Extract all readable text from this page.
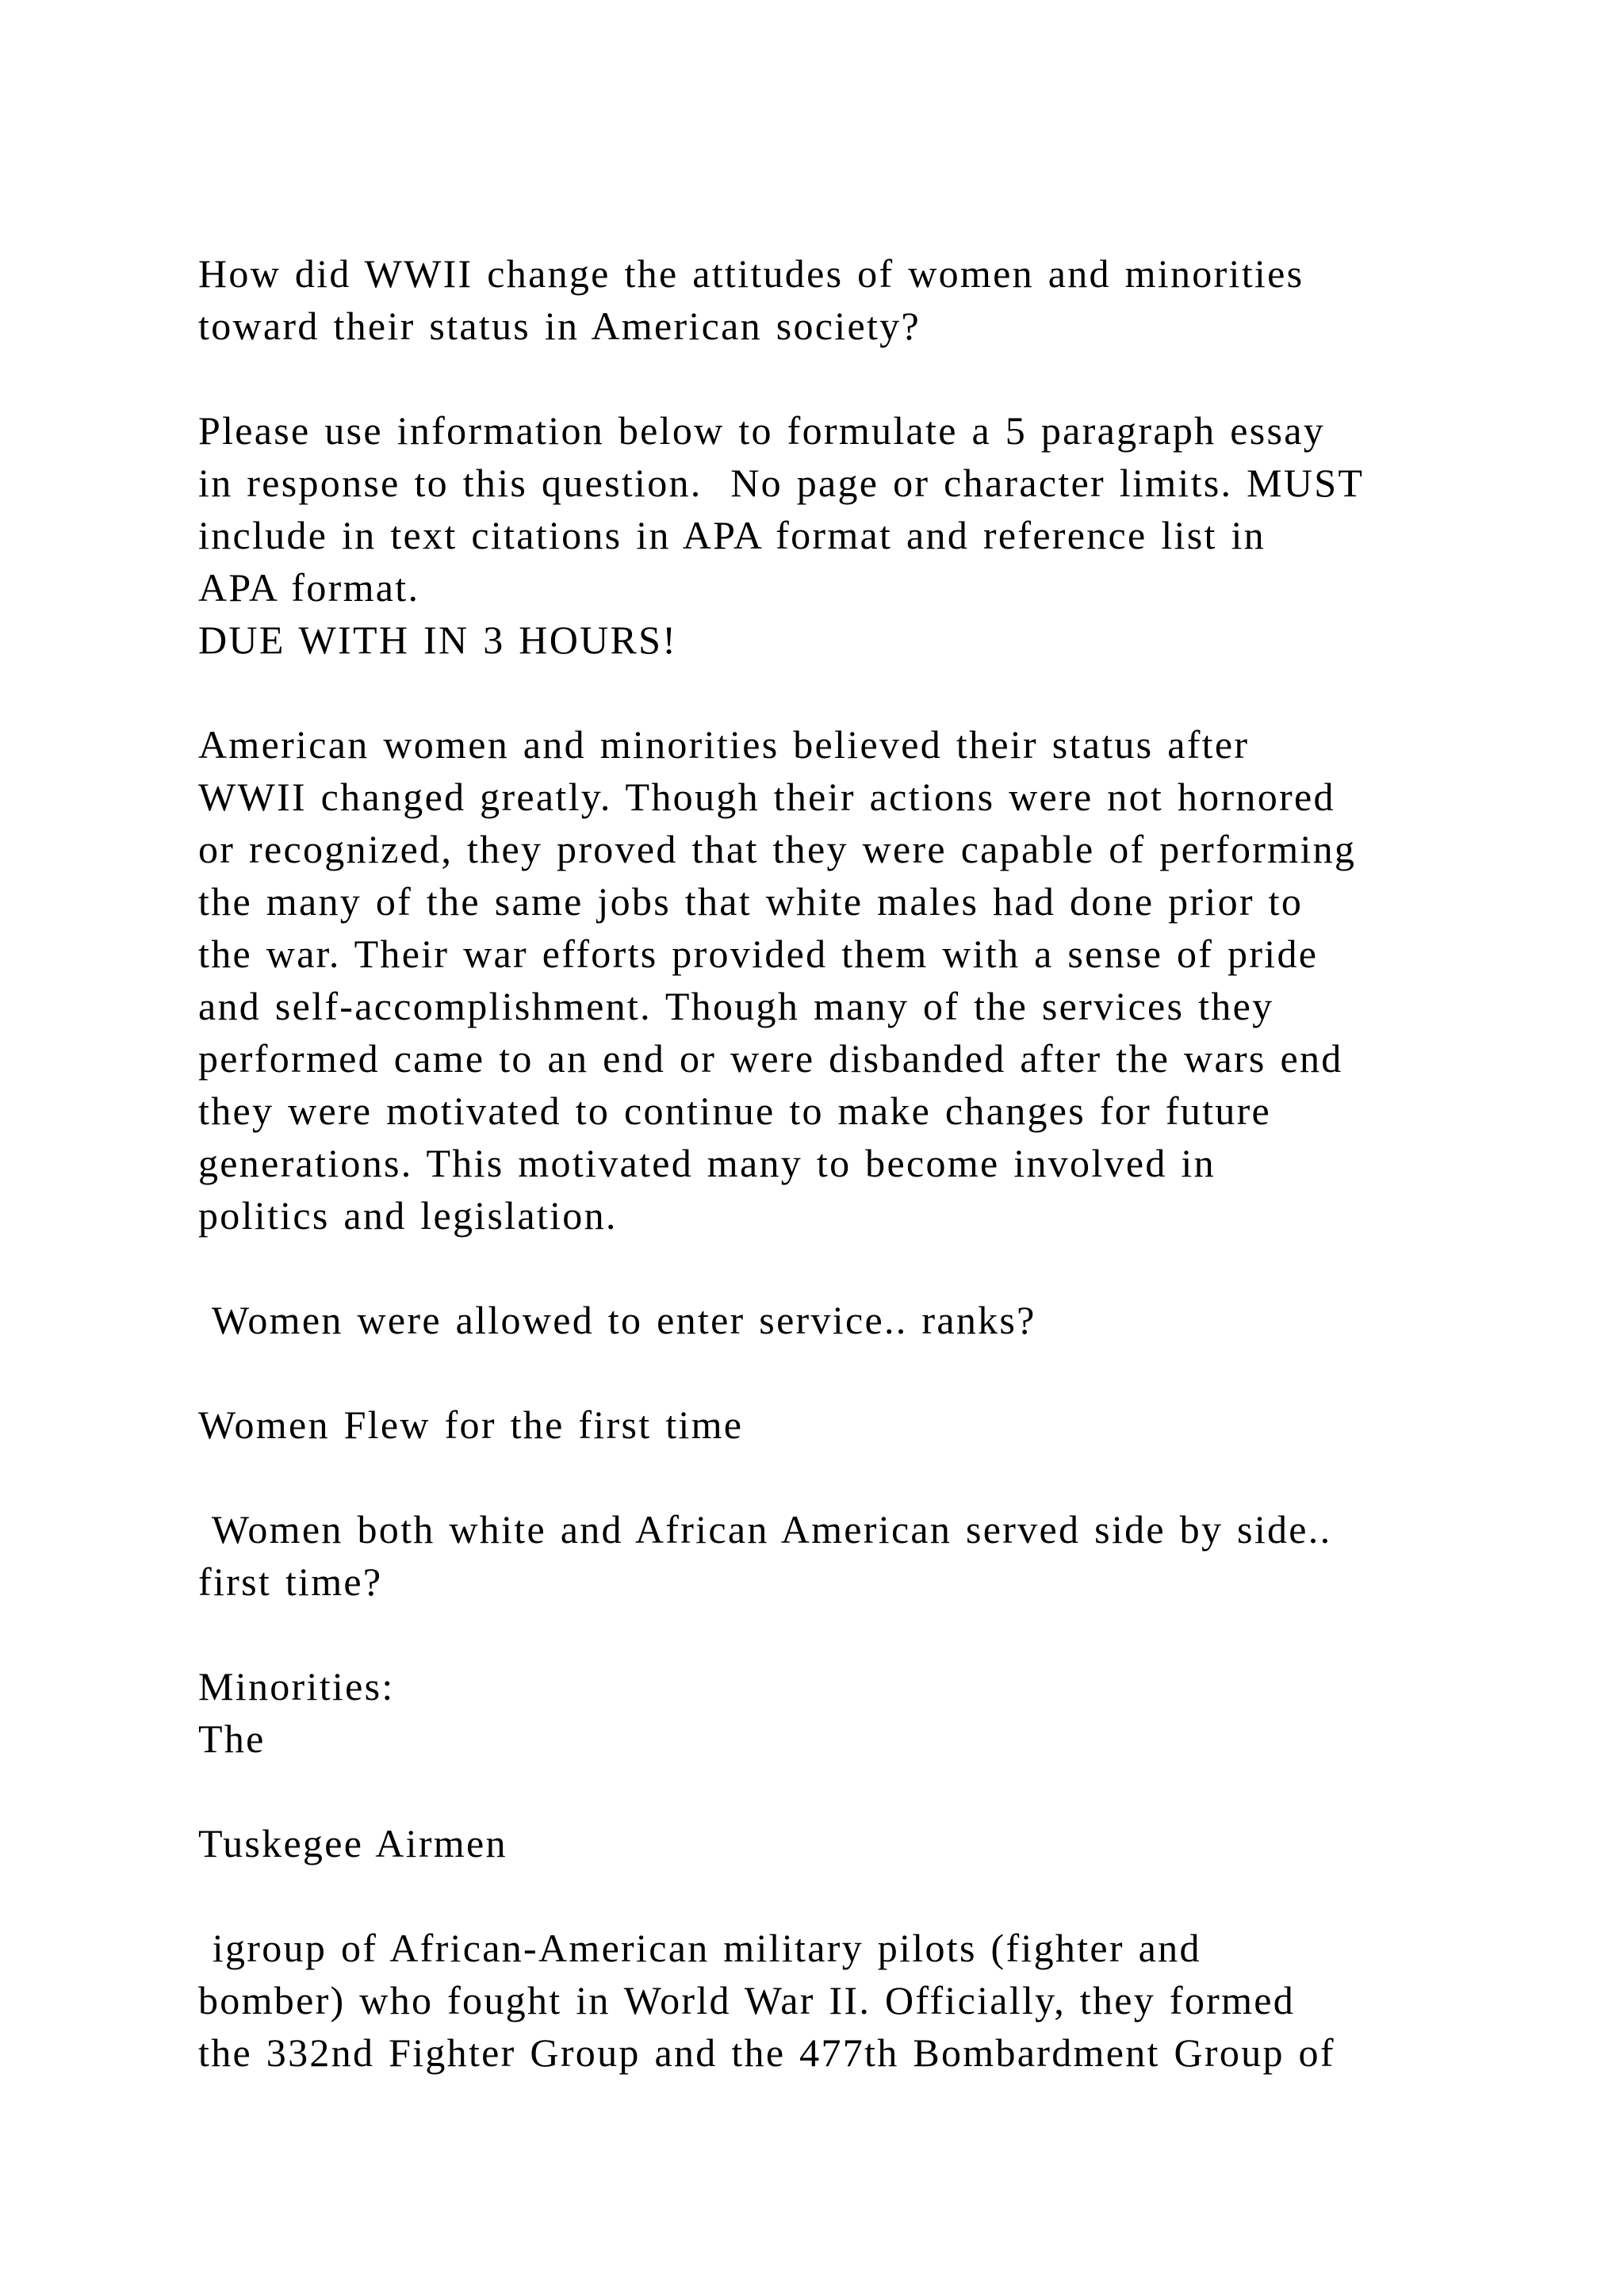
How did WWII change the attitudes of women and minorities
toward their status in American society?
Please use information below to formulate a 5 paragraph essay
in response to this question.  No page or character limits. MUST
include in text citations in APA format and reference list in
APA format.
DUE WITH IN 3 HOURS!
American women and minorities believed their status after
WWII changed greatly. Though their actions were not hornored
or recognized, they proved that they were capable of performing
the many of the same jobs that white males had done prior to
the war. Their war efforts provided them with a sense of pride
and self-accomplishment. Though many of the services they
performed came to an end or were disbanded after the wars end
they were motivated to continue to make changes for future
generations. This motivated many to become involved in
politics and legislation.
Women were allowed to enter service.. ranks?
Women Flew for the first time
Women both white and African American served side by side..
first time?
Minorities:
The
Tuskegee Airmen
igroup of African-American military pilots (fighter and
bomber) who fought in World War II. Officially, they formed
the 332nd Fighter Group and the 477th Bombardment Group of
